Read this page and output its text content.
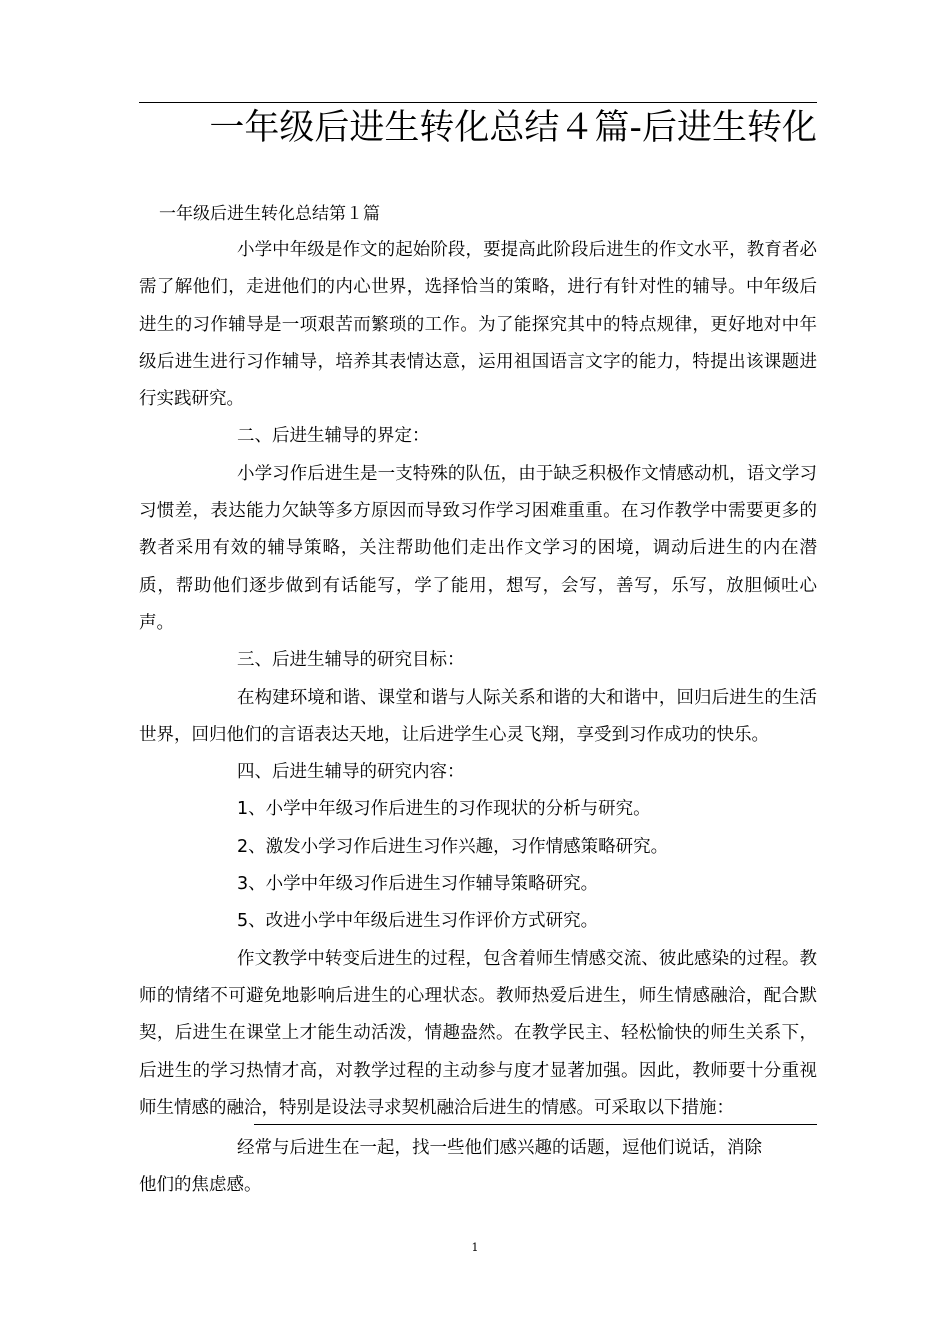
一年级后进生转化总结４篇-后进生转化
一年级后进生转化总结第１篇

小学中年级是作文的起始阶段，要提高此阶段后进生的作文水平，教育者必需了解他们，走进他们的内心世界，选择恰当的策略，进行有针对性的辅导。中年级后进生的习作辅导是一项艰苦而繁琐的工作。为了能探究其中的特点规律，更好地对中年级后进生进行习作辅导，培养其表情达意，运用祖国语言文字的能力，特提出该课题进行实践研究。

二、后进生辅导的界定：

小学习作后进生是一支特殊的队伍，由于缺乏积极作文情感动机，语文学习习惯差，表达能力欠缺等多方原因而导致习作学习困难重重。在习作教学中需要更多的教者采用有效的辅导策略，关注帮助他们走出作文学习的困境，调动后进生的内在潜质，帮助他们逐步做到有话能写，学了能用，想写，会写，善写，乐写，放胆倾吐心声。

三、后进生辅导的研究目标：

在构建环境和谐、课堂和谐与人际关系和谐的大和谐中，回归后进生的生活世界，回归他们的言语表达天地，让后进学生心灵飞翔，享受到习作成功的快乐。

四、后进生辅导的研究内容：

1、小学中年级习作后进生的习作现状的分析与研究。

2、激发小学习作后进生习作兴趣，习作情感策略研究。

3、小学中年级习作后进生习作辅导策略研究。

5、改进小学中年级后进生习作评价方式研究。

作文教学中转变后进生的过程，包含着师生情感交流、彼此感染的过程。教师的情绪不可避免地影响后进生的心理状态。教师热爱后进生，师生情感融洽，配合默契，后进生在课堂上才能生动活泼，情趣盎然。在教学民主、轻松愉快的师生关系下，后进生的学习热情才高，对教学过程的主动参与度才显著加强。因此，教师要十分重视师生情感的融洽，特别是设法寻求契机融洽后进生的情感。可采取以下措施：

经常与后进生在一起，找一些他们感兴趣的话题，逗他们说话，消除

他们的焦虑感。

1
